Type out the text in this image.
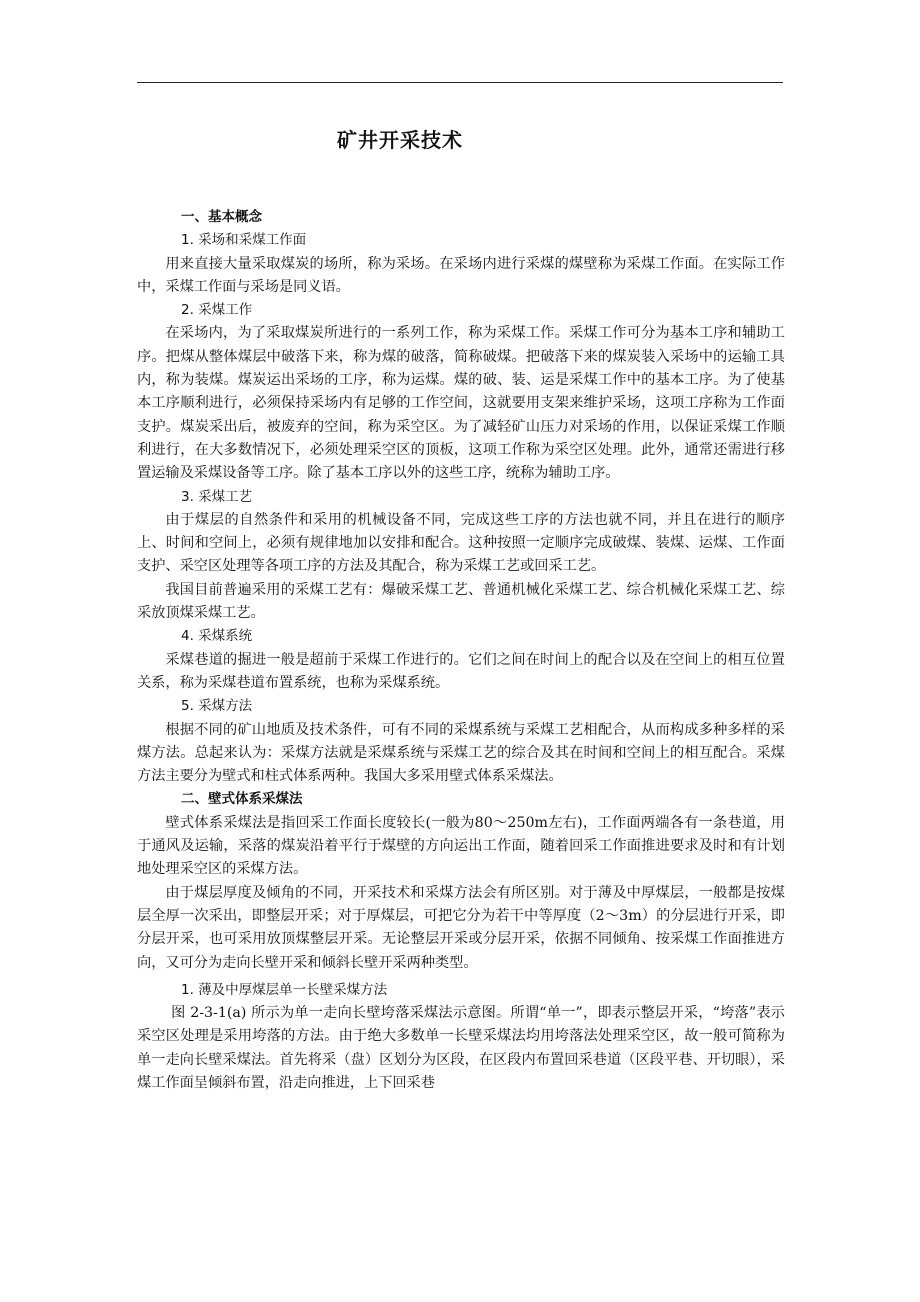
矿井开采技术

一、基本概念

1. 采场和采煤工作面

用来直接大量采取煤炭的场所，称为采场。在采场内进行采煤的煤壁称为采煤工作面。在实际工作中，采煤工作面与采场是同义语。

2. 采煤工作

在采场内，为了采取煤炭所进行的一系列工作，称为采煤工作。采煤工作可分为基本工序和辅助工序。把煤从整体煤层中破落下来，称为煤的破落，简称破煤。把破落下来的煤炭装入采场中的运输工具内，称为装煤。煤炭运出采场的工序，称为运煤。煤的破、装、运是采煤工作中的基本工序。为了使基本工序顺利进行，必须保持采场内有足够的工作空间，这就要用支架来维护采场，这项工序称为工作面支护。煤炭采出后，被废弃的空间，称为采空区。为了减轻矿山压力对采场的作用，以保证采煤工作顺利进行，在大多数情况下，必须处理采空区的顶板，这项工作称为采空区处理。此外，通常还需进行移置运输及采煤设备等工序。除了基本工序以外的这些工序，统称为辅助工序。

3. 采煤工艺

由于煤层的自然条件和采用的机械设备不同，完成这些工序的方法也就不同，并且在进行的顺序上、时间和空间上，必须有规律地加以安排和配合。这种按照一定顺序完成破煤、装煤、运煤、工作面支护、采空区处理等各项工序的方法及其配合，称为采煤工艺或回采工艺。

我国目前普遍采用的采煤工艺有：爆破采煤工艺、普通机械化采煤工艺、综合机械化采煤工艺、综采放顶煤采煤工艺。

4. 采煤系统

采煤巷道的掘进一般是超前于采煤工作进行的。它们之间在时间上的配合以及在空间上的相互位置关系，称为采煤巷道布置系统，也称为采煤系统。

5. 采煤方法

根据不同的矿山地质及技术条件，可有不同的采煤系统与采煤工艺相配合，从而构成多种多样的采煤方法。总起来认为：采煤方法就是采煤系统与采煤工艺的综合及其在时间和空间上的相互配合。采煤方法主要分为壁式和柱式体系两种。我国大多采用壁式体系采煤法。

二、壁式体系采煤法

壁式体系采煤法是指回采工作面长度较长(一般为80～250m左右)，工作面两端各有一条巷道，用于通风及运输，采落的煤炭沿着平行于煤壁的方向运出工作面，随着回采工作面推进要求及时和有计划地处理采空区的采煤方法。

由于煤层厚度及倾角的不同，开采技术和采煤方法会有所区别。对于薄及中厚煤层，一般都是按煤层全厚一次采出，即整层开采；对于厚煤层，可把它分为若干中等厚度（2～3m）的分层进行开采，即分层开采，也可采用放顶煤整层开采。无论整层开采或分层开采，依据不同倾角、按采煤工作面推进方向，又可分为走向长壁开采和倾斜长壁开采两种类型。

1. 薄及中厚煤层单一长壁采煤方法

图 2-3-1(a) 所示为单一走向长壁垮落采煤法示意图。所谓“单一”，即表示整层开采，“垮落”表示采空区处理是采用垮落的方法。由于绝大多数单一长壁采煤法均用垮落法处理采空区，故一般可简称为单一走向长壁采煤法。首先将采（盘）区划分为区段，在区段内布置回采巷道（区段平巷、开切眼），采煤工作面呈倾斜布置，沿走向推进，上下回采巷
